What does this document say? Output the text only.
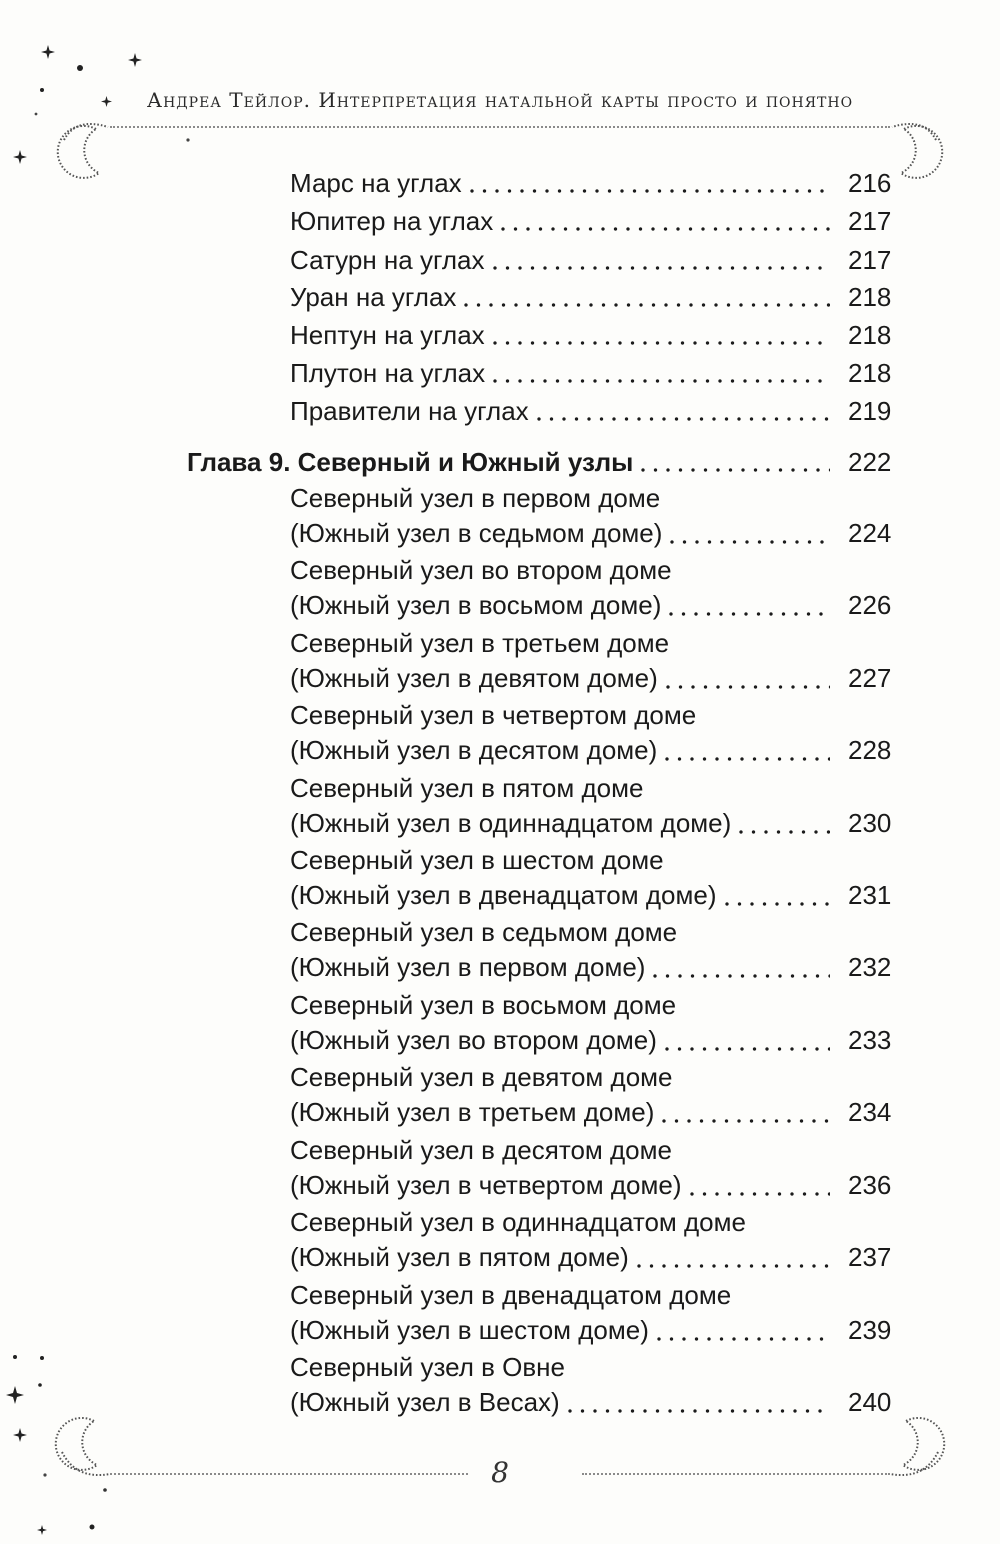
Андреа Тейлор. Интерпретация натальной карты просто и понятно
Марс на углах	216
Юпитер на углах	217
Сатурн на углах	217
Уран на углах	218
Нептун на углах	218
Плутон на углах	218
Правители на углах	219
Глава 9. Северный и Южный узлы	222
Северный узел в первом доме
(Южный узел в седьмом доме)	224
Северный узел во втором доме
(Южный узел в восьмом доме)	226
Северный узел в третьем доме
(Южный узел в девятом доме)	227
Северный узел в четвертом доме
(Южный узел в десятом доме)	228
Северный узел в пятом доме
(Южный узел в одиннадцатом доме)	230
Северный узел в шестом доме
(Южный узел в двенадцатом доме)	231
Северный узел в седьмом доме
(Южный узел в первом доме)	232
Северный узел в восьмом доме
(Южный узел во втором доме)	233
Северный узел в девятом доме
(Южный узел в третьем доме)	234
Северный узел в десятом доме
(Южный узел в четвертом доме)	236
Северный узел в одиннадцатом доме
(Южный узел в пятом доме)	237
Северный узел в двенадцатом доме
(Южный узел в шестом доме)	239
Северный узел в Овне
(Южный узел в Весах)	240
8
